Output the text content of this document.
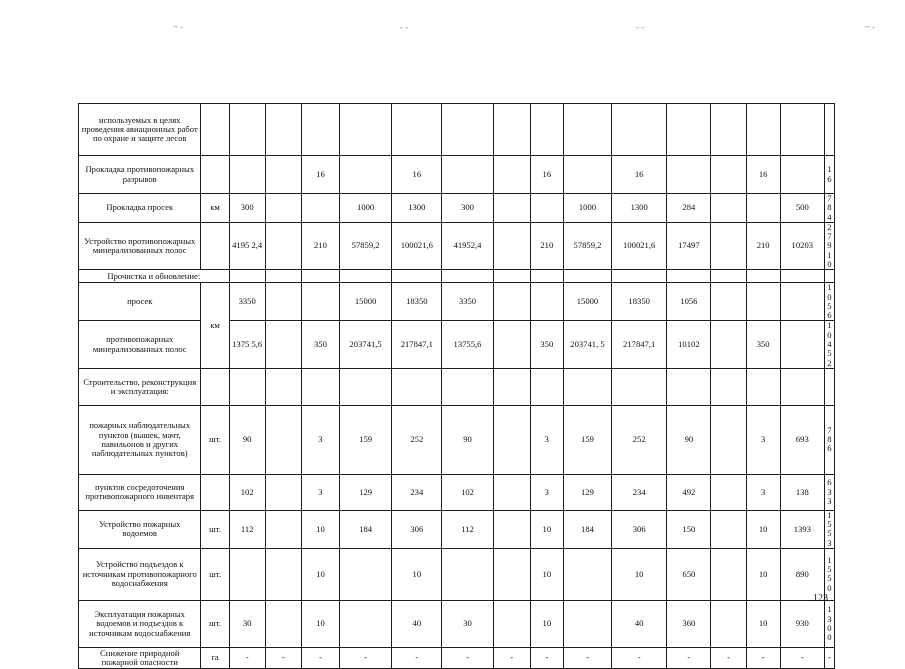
~ -	- -	- -	~ -
используемых в целях проведения авиационных работ по охране и защите лесов																
Прокладка противопожарных разрывов				16		16			16		16			16		16
Прокладка просек	км	300			1000	1300	300			1000	1300	284			500	784
Устройство противопожарных минерализованных полос		4195 2,4		210	57859,2	100021,6	41952,4		210	57859,2	100021,6	17497		210	10203	27910
Прочистка и обновление:																
просек	км	3350			15000	18350	3350			15000	18350	1056				1056
противопожарных минерализованных полос		1375 5,6		350	203741,5	217847,1	13755,6		350	203741, 5	217847,1	10102		350		10452
Строительство, реконструкция и эксплуатация:																
пожарных наблюдательных пунктов (вышек, мачт, павильонов и других наблюдательных пунктов)	шт.	90		3	159	252	90		3	159	252	90		3	693	786
пунктов сосредоточения противопожарного инвентаря		102		3	129	234	102		3	129	234	492		3	138	633
Устройство пожарных водоемов	шт.	112		10	184	306	112		10	184	306	150		10	1393	1553
Устройство подъездов к источникам противопожарного водоснабжения	шт.			10		10			10		10	650		10	890	1550
Эксплуатация пожарных водоемов и подъездов к источникам водоснабжения	шт.	30		10		40	30		10		40	360		10	930	1300
Снижение природной пожарной опасности	га	-	-	-	-	-	-	-	-	-	-	-	-	-	-	-
123
